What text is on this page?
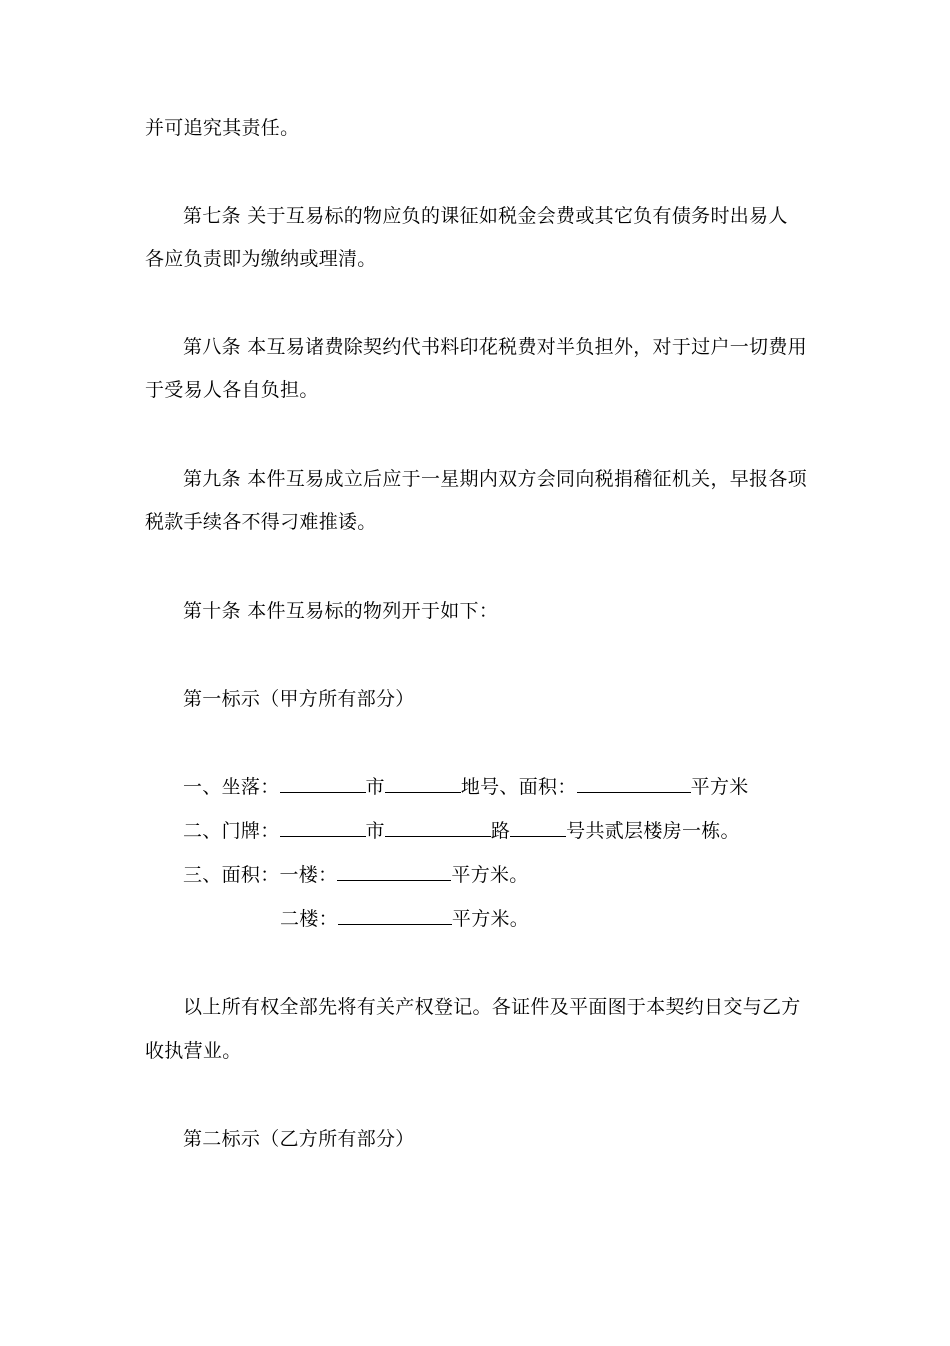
并可追究其责任。
第七条 关于互易标的物应负的课征如税金会费或其它负有债务时出易人
各应负责即为缴纳或理清。
第八条 本互易诸费除契约代书料印花税费对半负担外，对于过户一切费用
于受易人各自负担。
第九条 本件互易成立后应于一星期内双方会同向税捐稽征机关，早报各项
税款手续各不得刁难推诿。
第十条 本件互易标的物列开于如下：
第一标示（甲方所有部分）
一、坐落：	市	地号、面积：	平方米
二、门牌：	市	路	号共贰层楼房一栋。
三、面积：一楼：	平方米。
二楼：	平方米。
以上所有权全部先将有关产权登记。各证件及平面图于本契约日交与乙方
收执营业。
第二标示（乙方所有部分）
